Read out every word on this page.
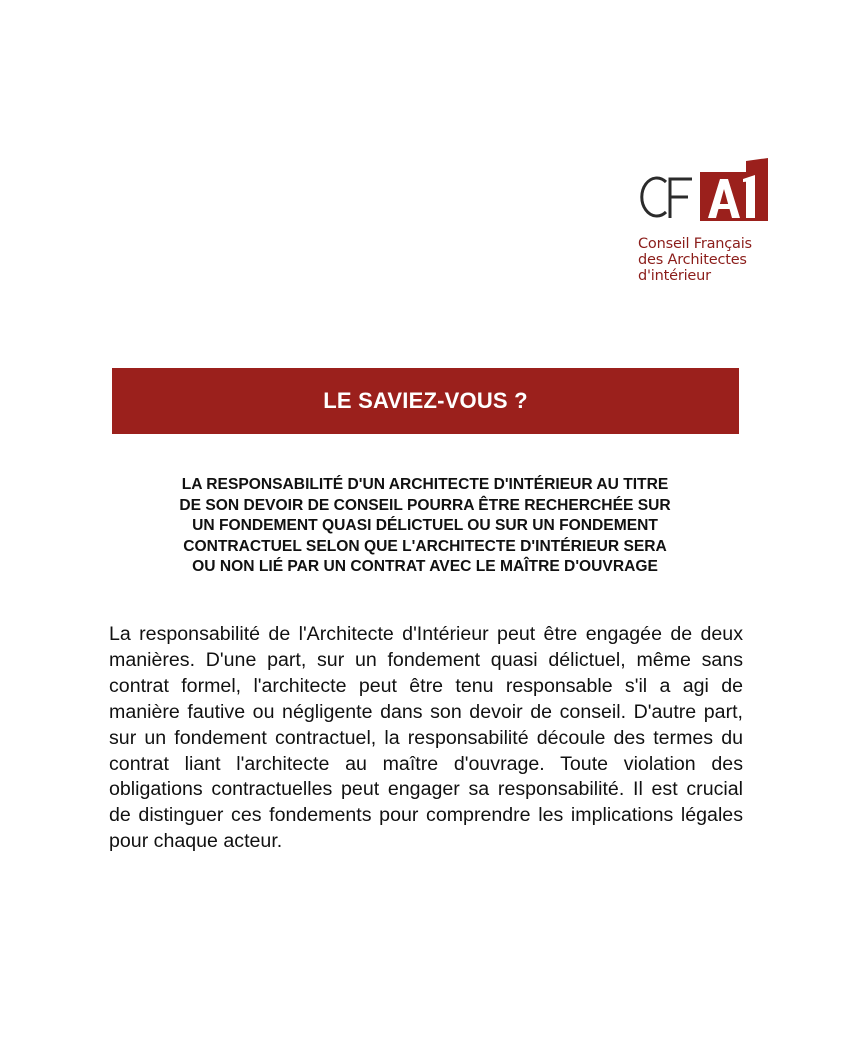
Conseil Français
des Architectes
d'intérieur
LE SAVIEZ-VOUS ?
LA RESPONSABILITÉ D'UN ARCHITECTE D'INTÉRIEUR AU TITRE
DE SON DEVOIR DE CONSEIL POURRA ÊTRE RECHERCHÉE SUR
UN FONDEMENT QUASI DÉLICTUEL OU SUR UN FONDEMENT
CONTRACTUEL SELON QUE L'ARCHITECTE D'INTÉRIEUR SERA
OU NON LIÉ PAR UN CONTRAT AVEC LE MAÎTRE D'OUVRAGE

La responsabilité de l'Architecte d'Intérieur peut être engagée de deux manières. D'une part, sur un fondement quasi délictuel, même sans contrat formel, l'architecte peut être tenu responsable s'il a agi de manière fautive ou négligente dans son devoir de conseil. D'autre part, sur un fondement contractuel, la responsabilité découle des termes du contrat liant l'architecte au maître d'ouvrage. Toute violation des obligations contractuelles peut engager sa responsabilité. Il est crucial de distinguer ces fondements pour comprendre les implications légales pour chaque acteur.
